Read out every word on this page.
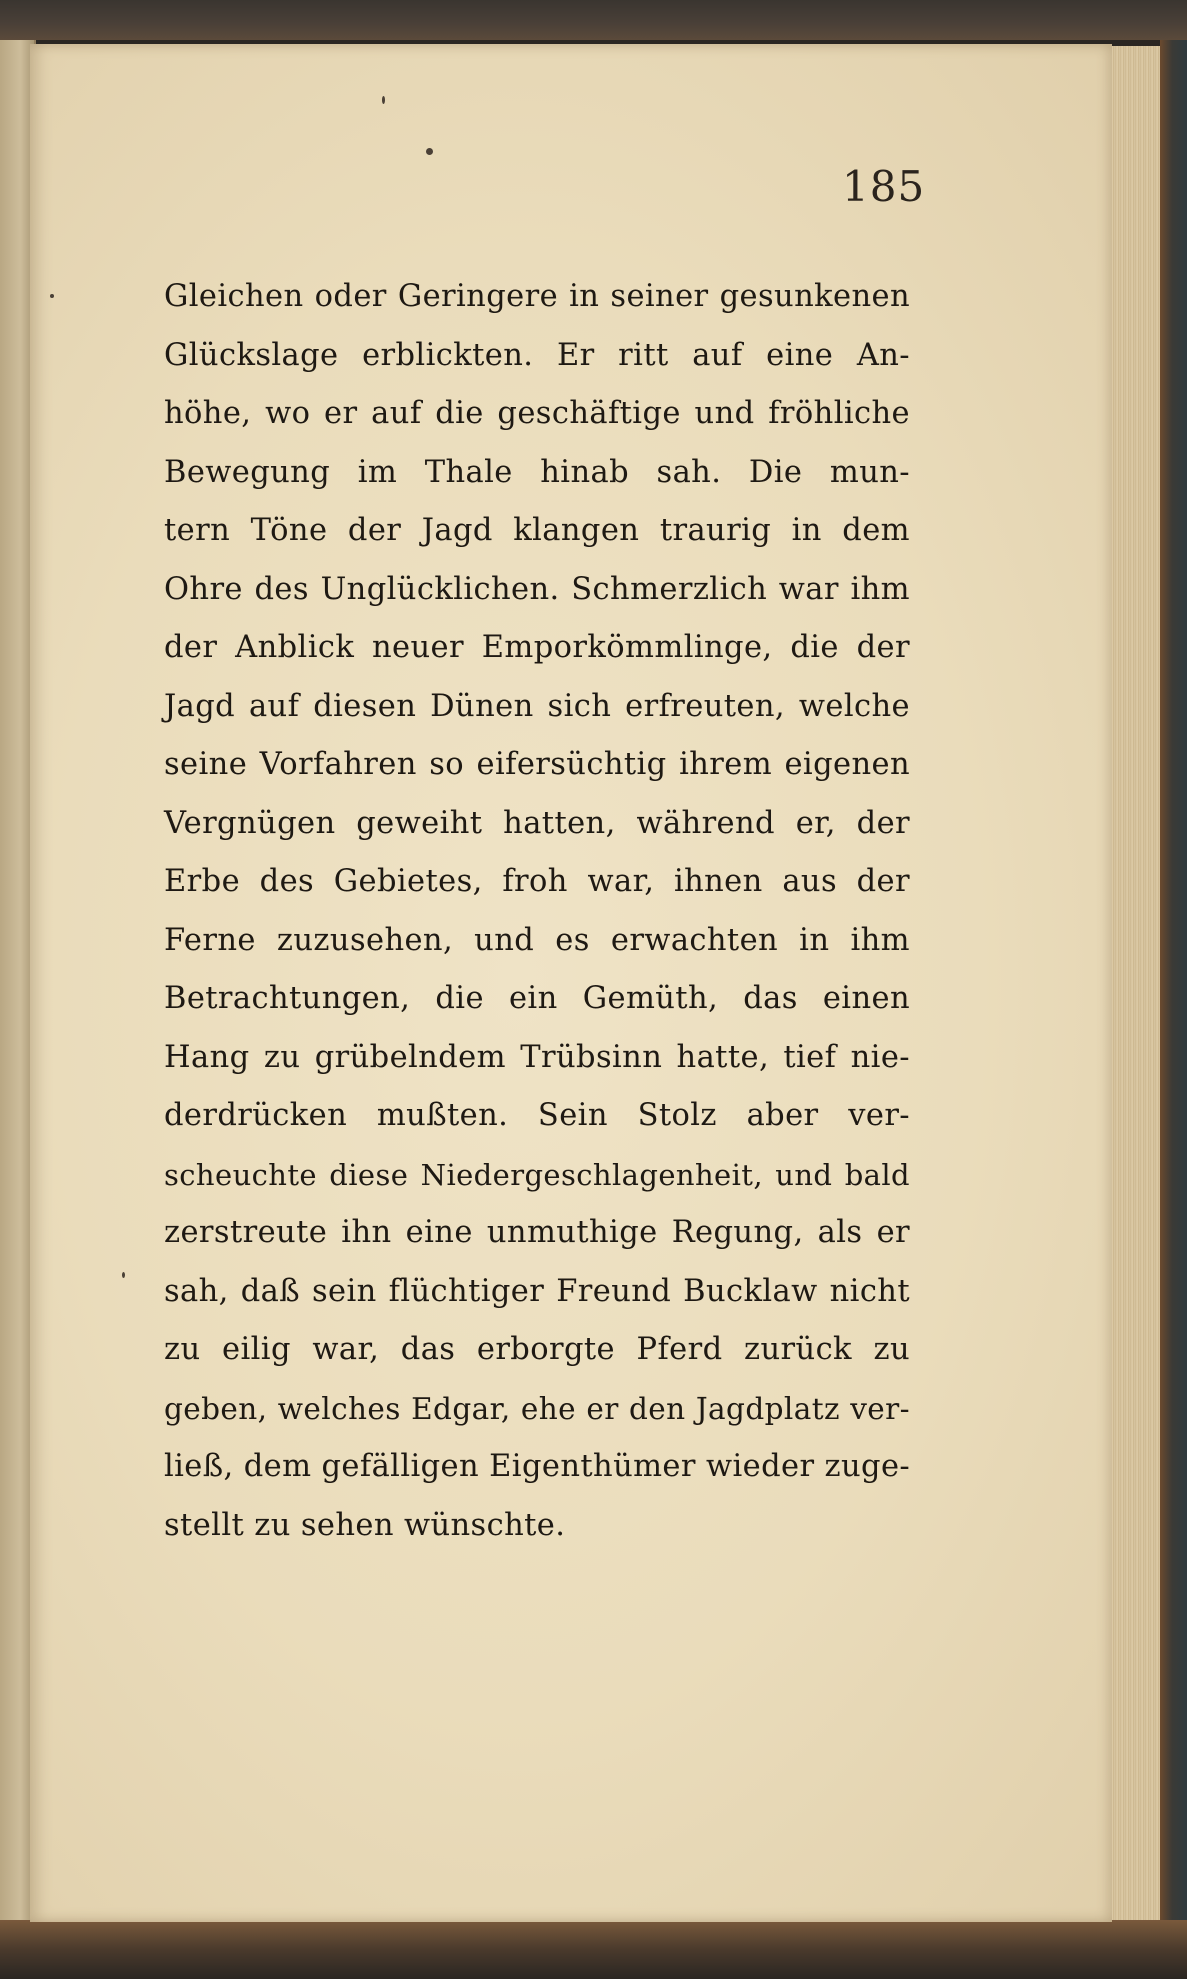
185
Gleichen oder Geringere in seiner gesunkenen
Glückslage erblickten. Er ritt auf eine An-
höhe, wo er auf die geschäftige und fröhliche
Bewegung im Thale hinab sah. Die mun-
tern Töne der Jagd klangen traurig in dem
Ohre des Unglücklichen. Schmerzlich war ihm
der Anblick neuer Emporkömmlinge, die der
Jagd auf diesen Dünen sich erfreuten, welche
seine Vorfahren so eifersüchtig ihrem eigenen
Vergnügen geweiht hatten, während er, der
Erbe des Gebietes, froh war, ihnen aus der
Ferne zuzusehen, und es erwachten in ihm
Betrachtungen, die ein Gemüth, das einen
Hang zu grübelndem Trübsinn hatte, tief nie-
derdrücken mußten. Sein Stolz aber ver-
scheuchte diese Niedergeschlagenheit, und bald
zerstreute ihn eine unmuthige Regung, als er
sah, daß sein flüchtiger Freund Bucklaw nicht
zu eilig war, das erborgte Pferd zurück zu
geben, welches Edgar, ehe er den Jagdplatz ver-
ließ, dem gefälligen Eigenthümer wieder zuge-
stellt zu sehen wünschte.
